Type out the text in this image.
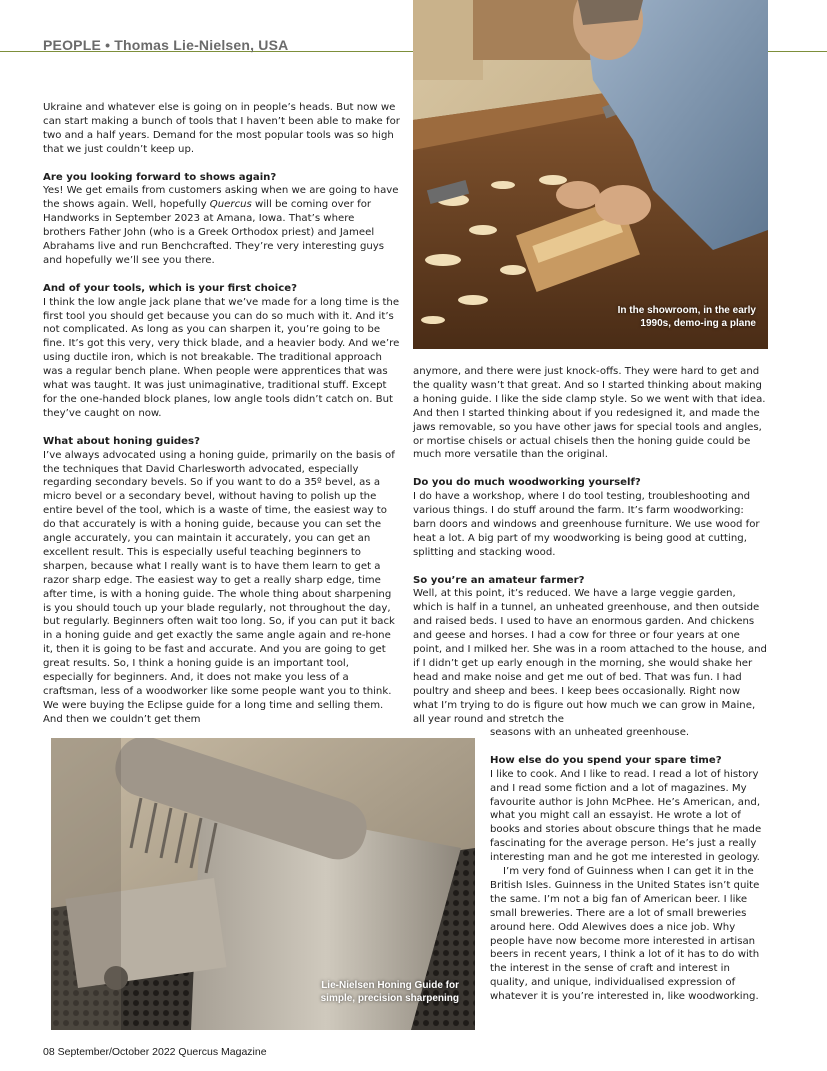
PEOPLE • Thomas Lie-Nielsen, USA
In the showroom, in the early
1990s, demo-ing a plane
Lie-Nielsen Honing Guide for
simple, precision sharpening

Ukraine and whatever else is going on in people’s heads. But now we can start making a bunch of tools that I haven’t been able to make for two and a half years. Demand for the most popular tools was so high that we just couldn’t keep up.

Are you looking forward to shows again?
Yes! We get emails from customers asking when we are going to have the shows again. Well, hopefully Quercus will be coming over for Handworks in September 2023 at Amana, Iowa. That’s where brothers Father John (who is a Greek Orthodox priest) and Jameel Abrahams live and run Benchcrafted. They’re very interesting guys and hopefully we’ll see you there.

And of your tools, which is your first choice?
I think the low angle jack plane that we’ve made for a long time is the first tool you should get because you can do so much with it. And it’s not complicated. As long as you can sharpen it, you’re going to be fine. It’s got this very, very thick blade, and a heavier body. And we’re using ductile iron, which is not breakable. The traditional approach was a regular bench plane. When people were apprentices that was what was taught. It was just unimaginative, traditional stuff. Except for the one-handed block planes, low angle tools didn’t catch on. But they’ve caught on now.

What about honing guides?
I’ve always advocated using a honing guide, primarily on the basis of the techniques that David Charlesworth advocated, especially regarding secondary bevels. So if you want to do a 35º bevel, as a micro bevel or a secondary bevel, without having to polish up the entire bevel of the tool, which is a waste of time, the easiest way to do that accurately is with a honing guide, because you can set the angle accurately, you can maintain it accurately, you can get an excellent result. This is especially useful teaching beginners to sharpen, because what I really want is to have them learn to get a razor sharp edge. The easiest way to get a really sharp edge, time after time, is with a honing guide. The whole thing about sharpening is you should touch up your blade regularly, not throughout the day, but regularly. Beginners often wait too long. So, if you can put it back in a honing guide and get exactly the same angle again and re-hone it, then it is going to be fast and accurate. And you are going to get great results. So, I think a honing guide is an important tool, especially for beginners. And, it does not make you less of a craftsman, less of a woodworker like some people want you to think. We were buying the Eclipse guide for a long time and selling them. And then we couldn’t get them

anymore, and there were just knock-offs. They were hard to get and the quality wasn’t that great. And so I started thinking about making a honing guide. I like the side clamp style. So we went with that idea. And then I started thinking about if you redesigned it, and made the jaws removable, so you have other jaws for special tools and angles, or mortise chisels or actual chisels then the honing guide could be much more versatile than the original.

Do you do much woodworking yourself?
I do have a workshop, where I do tool testing, troubleshooting and various things. I do stuff around the farm. It’s farm woodworking: barn doors and windows and greenhouse furniture. We use wood for heat a lot. A big part of my woodworking is being good at cutting, splitting and stacking wood.

So you’re an amateur farmer?
Well, at this point, it’s reduced. We have a large veggie garden, which is half in a tunnel, an unheated greenhouse, and then outside and raised beds. I used to have an enormous garden. And chickens and geese and horses. I had a cow for three or four years at one point, and I milked her. She was in a room attached to the house, and if I didn’t get up early enough in the morning, she would shake her head and make noise and get me out of bed. That was fun. I had poultry and sheep and bees. I keep bees occasionally. Right now what I’m trying to do is figure out how much we can grow in Maine, all year round and stretch the

seasons with an unheated greenhouse.

How else do you spend your spare time?
I like to cook. And I like to read. I read a lot of history and I read some fiction and a lot of magazines. My favourite author is John McPhee. He’s American, and, what you might call an essayist. He wrote a lot of books and stories about obscure things that he made fascinating for the average person. He’s just a really interesting man and he got me interested in geology.

I’m very fond of Guinness when I can get it in the British Isles. Guinness in the United States isn’t quite the same. I’m not a big fan of American beer. I like small breweries. There are a lot of small breweries around here. Odd Alewives does a nice job. Why people have now become more interested in artisan beers in recent years, I think a lot of it has to do with the interest in the sense of craft and interest in quality, and unique, individualised expression of whatever it is you’re interested in, like woodworking.

08 September/October 2022 Quercus Magazine
